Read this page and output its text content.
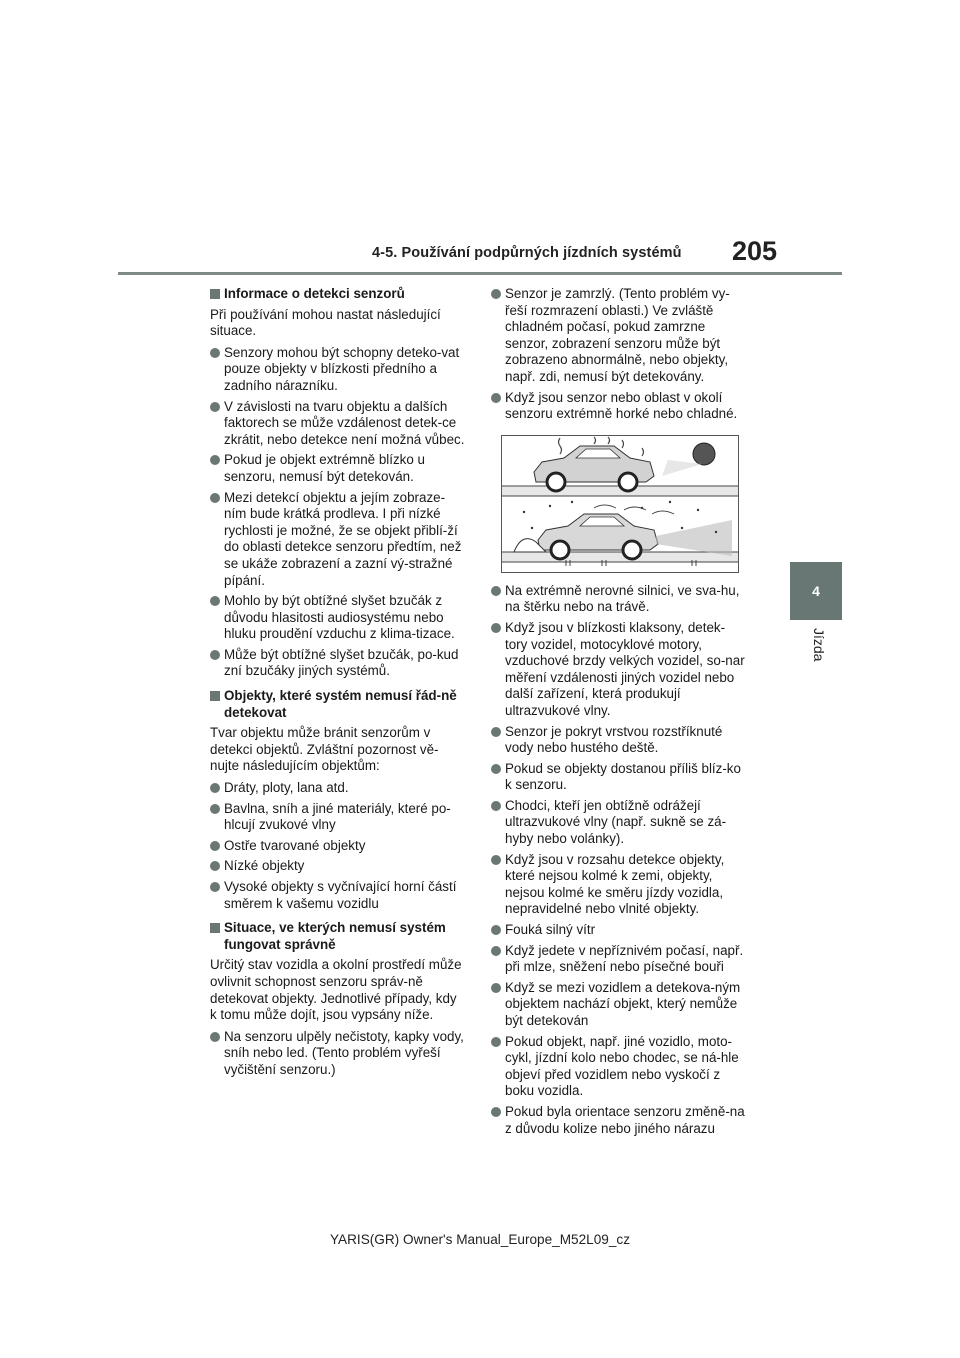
4-5. Používání podpůrných jízdních systémů	205
4
Jízda
Informace o detekci senzorů
Při používání mohou nastat následující situace.
Senzory mohou být schopny deteko-vat pouze objekty v blízkosti předního a zadního nárazníku.
V závislosti na tvaru objektu a dalších faktorech se může vzdálenost detek-ce zkrátit, nebo detekce není možná vůbec.
Pokud je objekt extrémně blízko u senzoru, nemusí být detekován.
Mezi detekcí objektu a jejím zobraze-ním bude krátká prodleva. I při nízké rychlosti je možné, že se objekt přiblí-ží do oblasti detekce senzoru předtím, než se ukáže zobrazení a zazní vý-stražné pípání.
Mohlo by být obtížné slyšet bzučák z důvodu hlasitosti audiosystému nebo hluku proudění vzduchu z klima-tizace.
Může být obtížné slyšet bzučák, po-kud zní bzučáky jiných systémů.
Objekty, které systém nemusí řád-ně detekovat
Tvar objektu může bránit senzorům v detekci objektů. Zvláštní pozornost vě-nujte následujícím objektům:
Dráty, ploty, lana atd.
Bavlna, sníh a jiné materiály, které po-hlcují zvukové vlny
Ostře tvarované objekty
Nízké objekty
Vysoké objekty s vyčnívající horní částí směrem k vašemu vozidlu
Situace, ve kterých nemusí systém fungovat správně
Určitý stav vozidla a okolní prostředí může ovlivnit schopnost senzoru správ-ně detekovat objekty. Jednotlivé případy, kdy k tomu může dojít, jsou vypsány níže.
Na senzoru ulpěly nečistoty, kapky vody, sníh nebo led. (Tento problém vyřeší vyčištění senzoru.)
Senzor je zamrzlý. (Tento problém vy-řeší rozmrazení oblasti.) Ve zvláště chladném počasí, pokud zamrzne senzor, zobrazení senzoru může být zobrazeno abnormálně, nebo objekty, např. zdi, nemusí být detekovány.
Když jsou senzor nebo oblast v okolí senzoru extrémně horké nebo chladné.
Na extrémně nerovné silnici, ve sva-hu, na štěrku nebo na trávě.
Když jsou v blízkosti klaksony, detek-tory vozidel, motocyklové motory, vzduchové brzdy velkých vozidel, so-nar měření vzdálenosti jiných vozidel nebo další zařízení, která produkují ultrazvukové vlny.
Senzor je pokryt vrstvou rozstříknuté vody nebo hustého deště.
Pokud se objekty dostanou příliš blíz-ko k senzoru.
Chodci, kteří jen obtížně odrážejí ultrazvukové vlny (např. sukně se zá-hyby nebo volánky).
Když jsou v rozsahu detekce objekty, které nejsou kolmé k zemi, objekty, nejsou kolmé ke směru jízdy vozidla, nepravidelné nebo vlnité objekty.
Fouká silný vítr
Když jedete v nepříznivém počasí, např. při mlze, sněžení nebo písečné bouři
Když se mezi vozidlem a detekova-ným objektem nachází objekt, který nemůže být detekován
Pokud objekt, např. jiné vozidlo, moto-cykl, jízdní kolo nebo chodec, se ná-hle objeví před vozidlem nebo vyskočí z boku vozidla.
Pokud byla orientace senzoru změně-na z důvodu kolize nebo jiného nárazu
YARIS(GR) Owner's Manual_Europe_M52L09_cz
